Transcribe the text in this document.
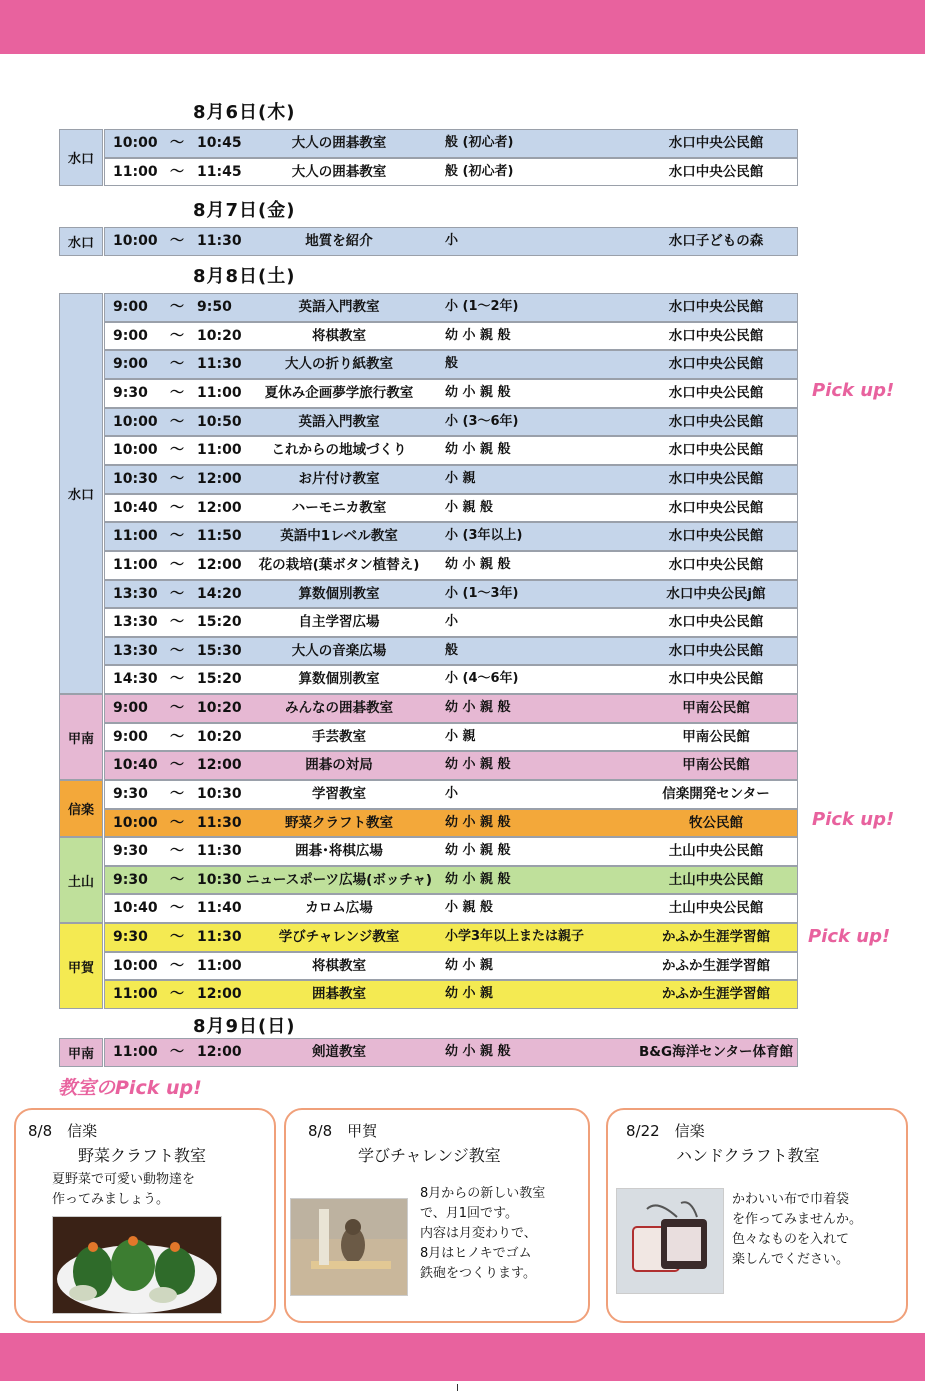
8月6日(木)
水口
10:00 ～ 10:45	大人の囲碁教室	般 (初心者)	水口中央公民館
11:00 ～ 11:45	大人の囲碁教室	般 (初心者)	水口中央公民館
8月7日(金)
水口	10:00 ～ 11:30	地質を紹介	小	水口子どもの森
8月8日(土)
水口
9:00	～ 9:50	英語入門教室	小 (1～2年)	水口中央公民館
9:00	～ 10:20	将棋教室	幼 小 親 般	水口中央公民館
9:00	～ 11:30	大人の折り紙教室	般	水口中央公民館
9:30	～ 11:00	夏休み企画夢学旅行教室	幼 小 親 般	水口中央公民館
10:00 ～ 10:50	英語入門教室	小 (3～6年)	水口中央公民館
10:00 ～ 11:00	これからの地域づくり	幼 小 親 般	水口中央公民館
10:30 ～ 12:00	お片付け教室	小 親	水口中央公民館
10:40 ～ 12:00	ハーモニカ教室	小 親 般	水口中央公民館
11:00 ～ 11:50	英語中1レベル教室	小 (3年以上)	水口中央公民館
11:00 ～ 12:00	花の栽培(葉ボタン植替え)	幼 小 親 般	水口中央公民館
13:30 ～ 14:20	算数個別教室	小 (1～3年)	水口中央公民j館
13:30 ～ 15:20	自主学習広場	小	水口中央公民館
13:30 ～ 15:30	大人の音楽広場	般	水口中央公民館
14:30 ～ 15:20	算数個別教室	小 (4～6年)	水口中央公民館
甲南
9:00	～ 10:20	みんなの囲碁教室	幼 小 親 般	甲南公民館
9:00	～ 10:20	手芸教室	小 親	甲南公民館
10:40 ～ 12:00	囲碁の対局	幼 小 親 般	甲南公民館
信楽
9:30	～ 10:30	学習教室	小	信楽開発センター
10:00 ～ 11:30	野菜クラフト教室	幼 小 親 般	牧公民館
土山
9:30	～ 11:30	囲碁･将棋広場	幼 小 親 般	土山中央公民館
9:30	～ 10:30 ニュースポーツ広場(ボッチャ) 幼 小 親 般	土山中央公民館
10:40 ～ 11:40	カロム広場	小 親 般	土山中央公民館
甲賀
9:30	～ 11:30	学びチャレンジ教室	小学3年以上または親子	かふか生涯学習館
10:00 ～ 11:00	将棋教室	幼 小 親	かふか生涯学習館
11:00 ～ 12:00	囲碁教室	幼 小 親	かふか生涯学習館
8月9日(日)
甲南	11:00 ～ 12:00	剣道教室	幼 小 親 般	B&G海洋センター体育館
Pick up!
Pick up!
Pick up!
教室のPick up!
8/8　信楽
野菜クラフト教室
夏野菜で可愛い動物達を
作ってみましょう。
8/8　甲賀
学びチャレンジ教室
8月からの新しい教室
で、月1回です。
内容は月変わりで、
8月はヒノキでゴム
鉄砲をつくります。
8/22　信楽
ハンドクラフト教室
かわいい布で巾着袋
を作ってみませんか。
色々なものを入れて
楽しんでください。
